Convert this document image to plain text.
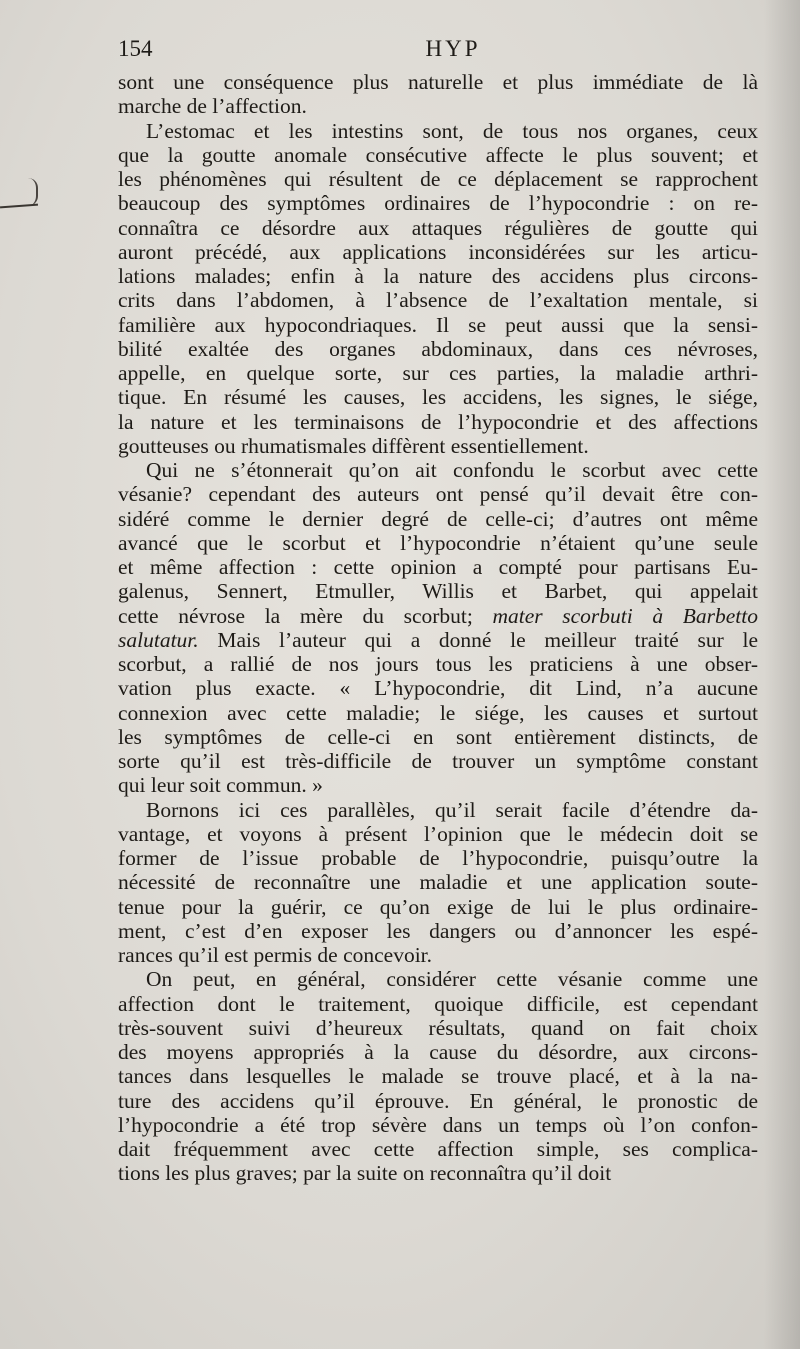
154	HYP
sont une conséquence plus naturelle et plus immédiate de là
marche de l’affection.
L’estomac et les intestins sont, de tous nos organes, ceux
que la goutte anomale consécutive affecte le plus souvent; et
les phénomènes qui résultent de ce déplacement se rapprochent
beaucoup des symptômes ordinaires de l’hypocondrie : on re-
connaîtra ce désordre aux attaques régulières de goutte qui
auront précédé, aux applications inconsidérées sur les articu-
lations malades; enfin à la nature des accidens plus circons-
crits dans l’abdomen, à l’absence de l’exaltation mentale, si
familière aux hypocondriaques. Il se peut aussi que la sensi-
bilité exaltée des organes abdominaux, dans ces névroses,
appelle, en quelque sorte, sur ces parties, la maladie arthri-
tique. En résumé les causes, les accidens, les signes, le siége,
la nature et les terminaisons de l’hypocondrie et des affections
goutteuses ou rhumatismales diffèrent essentiellement.
Qui ne s’étonnerait qu’on ait confondu le scorbut avec cette
vésanie? cependant des auteurs ont pensé qu’il devait être con-
sidéré comme le dernier degré de celle-ci; d’autres ont même
avancé que le scorbut et l’hypocondrie n’étaient qu’une seule
et même affection : cette opinion a compté pour partisans Eu-
galenus, Sennert, Etmuller, Willis et Barbet, qui appelait
cette névrose la mère du scorbut; mater scorbuti à Barbetto
salutatur. Mais l’auteur qui a donné le meilleur traité sur le
scorbut, a rallié de nos jours tous les praticiens à une obser-
vation plus exacte. « L’hypocondrie, dit Lind, n’a aucune
connexion avec cette maladie; le siége, les causes et surtout
les symptômes de celle-ci en sont entièrement distincts, de
sorte qu’il est très-difficile de trouver un symptôme constant
qui leur soit commun. »
Bornons ici ces parallèles, qu’il serait facile d’étendre da-
vantage, et voyons à présent l’opinion que le médecin doit se
former de l’issue probable de l’hypocondrie, puisqu’outre la
nécessité de reconnaître une maladie et une application soute-
tenue pour la guérir, ce qu’on exige de lui le plus ordinaire-
ment, c’est d’en exposer les dangers ou d’annoncer les espé-
rances qu’il est permis de concevoir.
On peut, en général, considérer cette vésanie comme une
affection dont le traitement, quoique difficile, est cependant
très-souvent suivi d’heureux résultats, quand on fait choix
des moyens appropriés à la cause du désordre, aux circons-
tances dans lesquelles le malade se trouve placé, et à la na-
ture des accidens qu’il éprouve. En général, le pronostic de
l’hypocondrie a été trop sévère dans un temps où l’on confon-
dait fréquemment avec cette affection simple, ses complica-
tions les plus graves; par la suite on reconnaîtra qu’il doit
